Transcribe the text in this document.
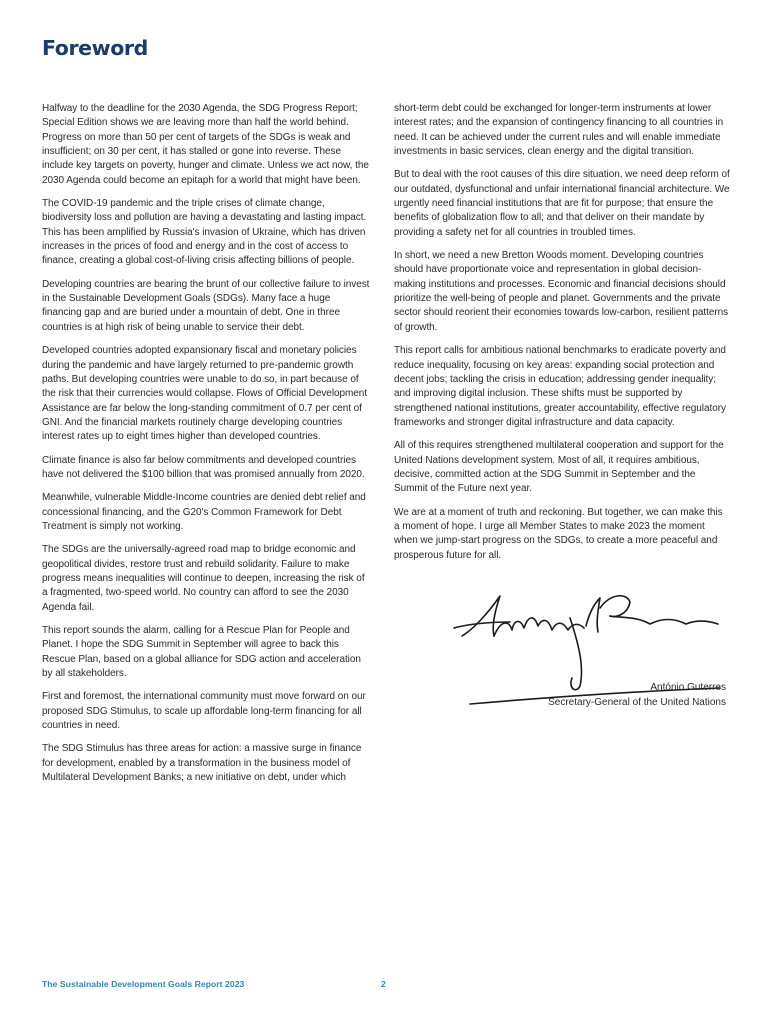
Foreword

Halfway to the deadline for the 2030 Agenda, the SDG Progress Report; Special Edition shows we are leaving more than half the world behind. Progress on more than 50 per cent of targets of the SDGs is weak and insufficient; on 30 per cent, it has stalled or gone into reverse. These include key targets on poverty, hunger and climate. Unless we act now, the 2030 Agenda could become an epitaph for a world that might have been.

The COVID-19 pandemic and the triple crises of climate change, biodiversity loss and pollution are having a devastating and lasting impact. This has been amplified by Russia's invasion of Ukraine, which has driven increases in the prices of food and energy and in the cost of access to finance, creating a global cost-of-living crisis affecting billions of people.

Developing countries are bearing the brunt of our collective failure to invest in the Sustainable Development Goals (SDGs). Many face a huge financing gap and are buried under a mountain of debt. One in three countries is at high risk of being unable to service their debt.

Developed countries adopted expansionary fiscal and monetary policies during the pandemic and have largely returned to pre-pandemic growth paths. But developing countries were unable to do so, in part because of the risk that their currencies would collapse. Flows of Official Development Assistance are far below the long-standing commitment of 0.7 per cent of GNI. And the financial markets routinely charge developing countries interest rates up to eight times higher than developed countries.

Climate finance is also far below commitments and developed countries have not delivered the $100 billion that was promised annually from 2020.

Meanwhile, vulnerable Middle-Income countries are denied debt relief and concessional financing, and the G20's Common Framework for Debt Treatment is simply not working.

The SDGs are the universally-agreed road map to bridge economic and geopolitical divides, restore trust and rebuild solidarity. Failure to make progress means inequalities will continue to deepen, increasing the risk of a fragmented, two-speed world. No country can afford to see the 2030 Agenda fail.

This report sounds the alarm, calling for a Rescue Plan for People and Planet. I hope the SDG Summit in September will agree to back this Rescue Plan, based on a global alliance for SDG action and acceleration by all stakeholders.

First and foremost, the international community must move forward on our proposed SDG Stimulus, to scale up affordable long-term financing for all countries in need.

The SDG Stimulus has three areas for action: a massive surge in finance for development, enabled by a transformation in the business model of Multilateral Development Banks; a new initiative on debt, under which

short-term debt could be exchanged for longer-term instruments at lower interest rates; and the expansion of contingency financing to all countries in need. It can be achieved under the current rules and will enable immediate investments in basic services, clean energy and the digital transition.

But to deal with the root causes of this dire situation, we need deep reform of our outdated, dysfunctional and unfair international financial architecture. We urgently need financial institutions that are fit for purpose; that ensure the benefits of globalization flow to all; and that deliver on their mandate by providing a safety net for all countries in troubled times.

In short, we need a new Bretton Woods moment. Developing countries should have proportionate voice and representation in global decision-making institutions and processes. Economic and financial decisions should prioritize the well-being of people and planet. Governments and the private sector should reorient their economies towards low-carbon, resilient patterns of growth.

This report calls for ambitious national benchmarks to eradicate poverty and reduce inequality, focusing on key areas: expanding social protection and decent jobs; tackling the crisis in education; addressing gender inequality; and improving digital inclusion. These shifts must be supported by strengthened national institutions, greater accountability, effective regulatory frameworks and stronger digital infrastructure and data capacity.

All of this requires strengthened multilateral cooperation and support for the United Nations development system. Most of all, it requires ambitious, decisive, committed action at the SDG Summit in September and the Summit of the Future next year.

We are at a moment of truth and reckoning. But together, we can make this a moment of hope. I urge all Member States to make 2023 the moment when we jump-start progress on the SDGs, to create a more peaceful and prosperous future for all.

António Guterres
Secretary-General of the United Nations
The Sustainable Development Goals Report 2023	2
